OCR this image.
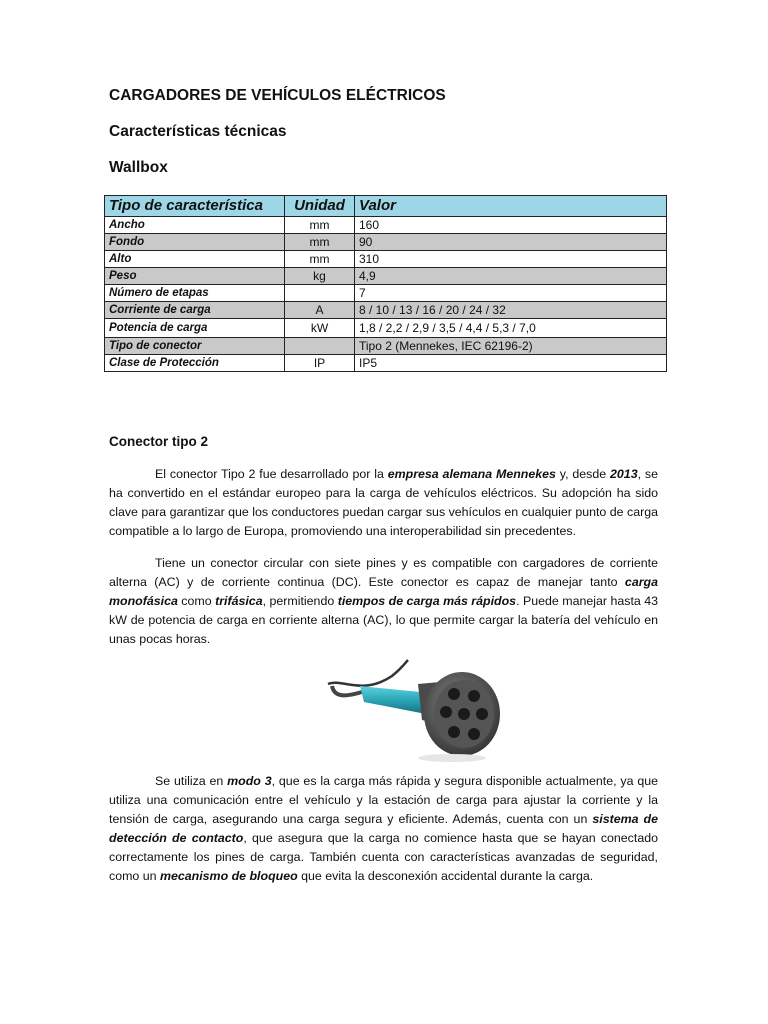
CARGADORES DE VEHÍCULOS ELÉCTRICOS
Características técnicas
Wallbox
Tipo de característica	Unidad	Valor
Ancho	mm	160
Fondo	mm	90
Alto	mm	310
Peso	kg	4,9
Número de etapas		7
Corriente de carga	A	8 / 10 / 13 / 16 / 20 / 24 / 32
Potencia de carga	kW	1,8 / 2,2 / 2,9 / 3,5 / 4,4 / 5,3 / 7,0
Tipo de conector		Tipo 2 (Mennekes, IEC 62196-2)
Clase de Protección	IP	IP5
Conector tipo 2

El conector Tipo 2 fue desarrollado por la empresa alemana Mennekes y, desde 2013, se ha convertido en el estándar europeo para la carga de vehículos eléctricos. Su adopción ha sido clave para garantizar que los conductores puedan cargar sus vehículos en cualquier punto de carga compatible a lo largo de Europa, promoviendo una interoperabilidad sin precedentes.

Tiene un conector circular con siete pines y es compatible con cargadores de corriente alterna (AC) y de corriente continua (DC). Este conector es capaz de manejar tanto carga monofásica como trifásica, permitiendo tiempos de carga más rápidos. Puede manejar hasta 43 kW de potencia de carga en corriente alterna (AC), lo que permite cargar la batería del vehículo en unas pocas horas.

Se utiliza en modo 3, que es la carga más rápida y segura disponible actualmente, ya que utiliza una comunicación entre el vehículo y la estación de carga para ajustar la corriente y la tensión de carga, asegurando una carga segura y eficiente. Además, cuenta con un sistema de detección de contacto, que asegura que la carga no comience hasta que se hayan conectado correctamente los pines de carga. También cuenta con características avanzadas de seguridad, como un mecanismo de bloqueo que evita la desconexión accidental durante la carga.
